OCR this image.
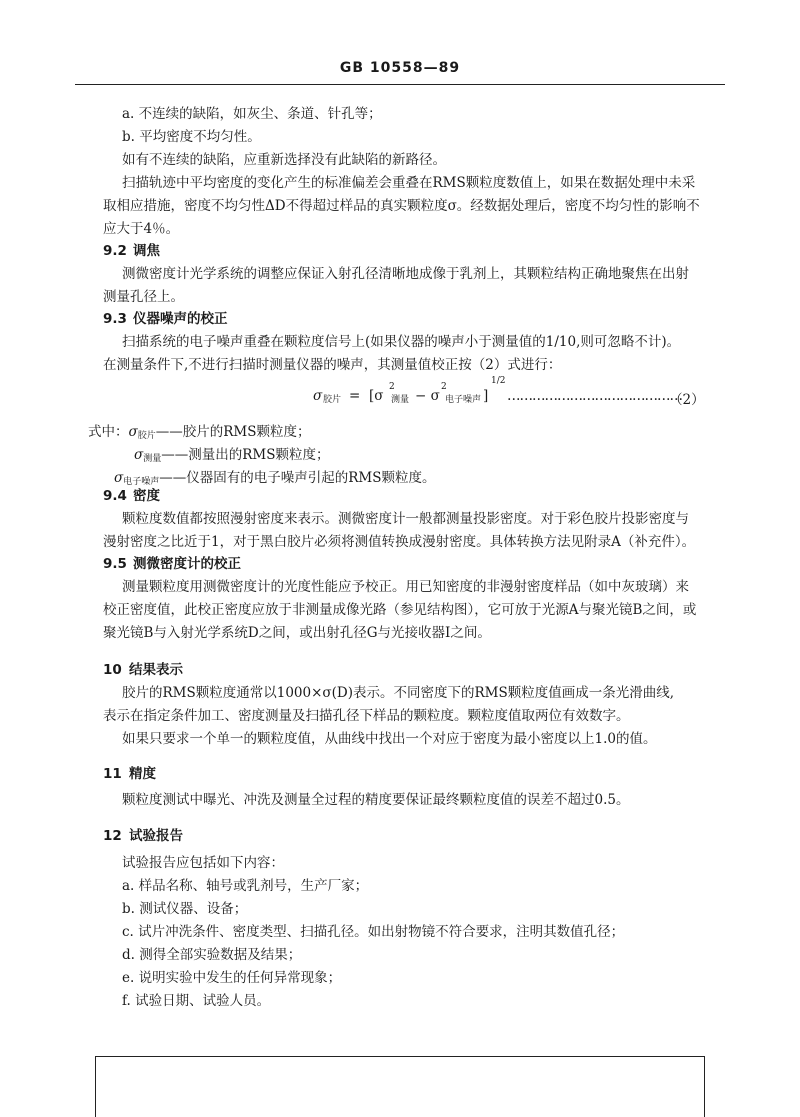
GB 10558—89
a. 不连续的缺陷，如灰尘、条道、针孔等；
b. 平均密度不均匀性。
如有不连续的缺陷，应重新选择没有此缺陷的新路径。
扫描轨迹中平均密度的变化产生的标准偏差会重叠在RMS颗粒度数值上，如果在数据处理中未采
取相应措施，密度不均匀性ΔD不得超过样品的真实颗粒度σ。经数据处理后，密度不均匀性的影响不
应大于4％。
9.2 调焦
测微密度计光学系统的调整应保证入射孔径清晰地成像于乳剂上，其颗粒结构正确地聚焦在出射
测量孔径上。
9.3 仪器噪声的校正
扫描系统的电子噪声重叠在颗粒度信号上(如果仪器的噪声小于测量值的1/10,则可忽略不计)。
在测量条件下,不进行扫描时测量仪器的噪声，其测量值校正按（2）式进行：
σ 胶片 = [σ
2
测量 − σ
2
电子噪声 ]
1/2
……………………………………
（2）
式中：σ胶片——胶片的RMS颗粒度；
σ测量——测量出的RMS颗粒度；
σ电子噪声——仪器固有的电子噪声引起的RMS颗粒度。
9.4 密度
颗粒度数值都按照漫射密度来表示。测微密度计一般都测量投影密度。对于彩色胶片投影密度与
漫射密度之比近于1，对于黑白胶片必须将测值转换成漫射密度。具体转换方法见附录A（补充件）。
9.5 测微密度计的校正
测量颗粒度用测微密度计的光度性能应予校正。用已知密度的非漫射密度样品（如中灰玻璃）来
校正密度值，此校正密度应放于非测量成像光路（参见结构图），它可放于光源A与聚光镜B之间，或
聚光镜B与入射光学系统D之间，或出射孔径G与光接收器I之间。
10 结果表示
胶片的RMS颗粒度通常以1000×σ(D)表示。不同密度下的RMS颗粒度值画成一条光滑曲线,
表示在指定条件加工、密度测量及扫描孔径下样品的颗粒度。颗粒度值取两位有效数字。
如果只要求一个单一的颗粒度值，从曲线中找出一个对应于密度为最小密度以上1.0的值。
11 精度
颗粒度测试中曝光、冲洗及测量全过程的精度要保证最终颗粒度值的误差不超过0.5。
12 试验报告
试验报告应包括如下内容：
a. 样品名称、轴号或乳剂号，生产厂家；
b. 测试仪器、设备；
c. 试片冲洗条件、密度类型、扫描孔径。如出射物镜不符合要求，注明其数值孔径；
d. 测得全部实验数据及结果；
e. 说明实验中发生的任何异常现象；
f. 试验日期、试验人员。
